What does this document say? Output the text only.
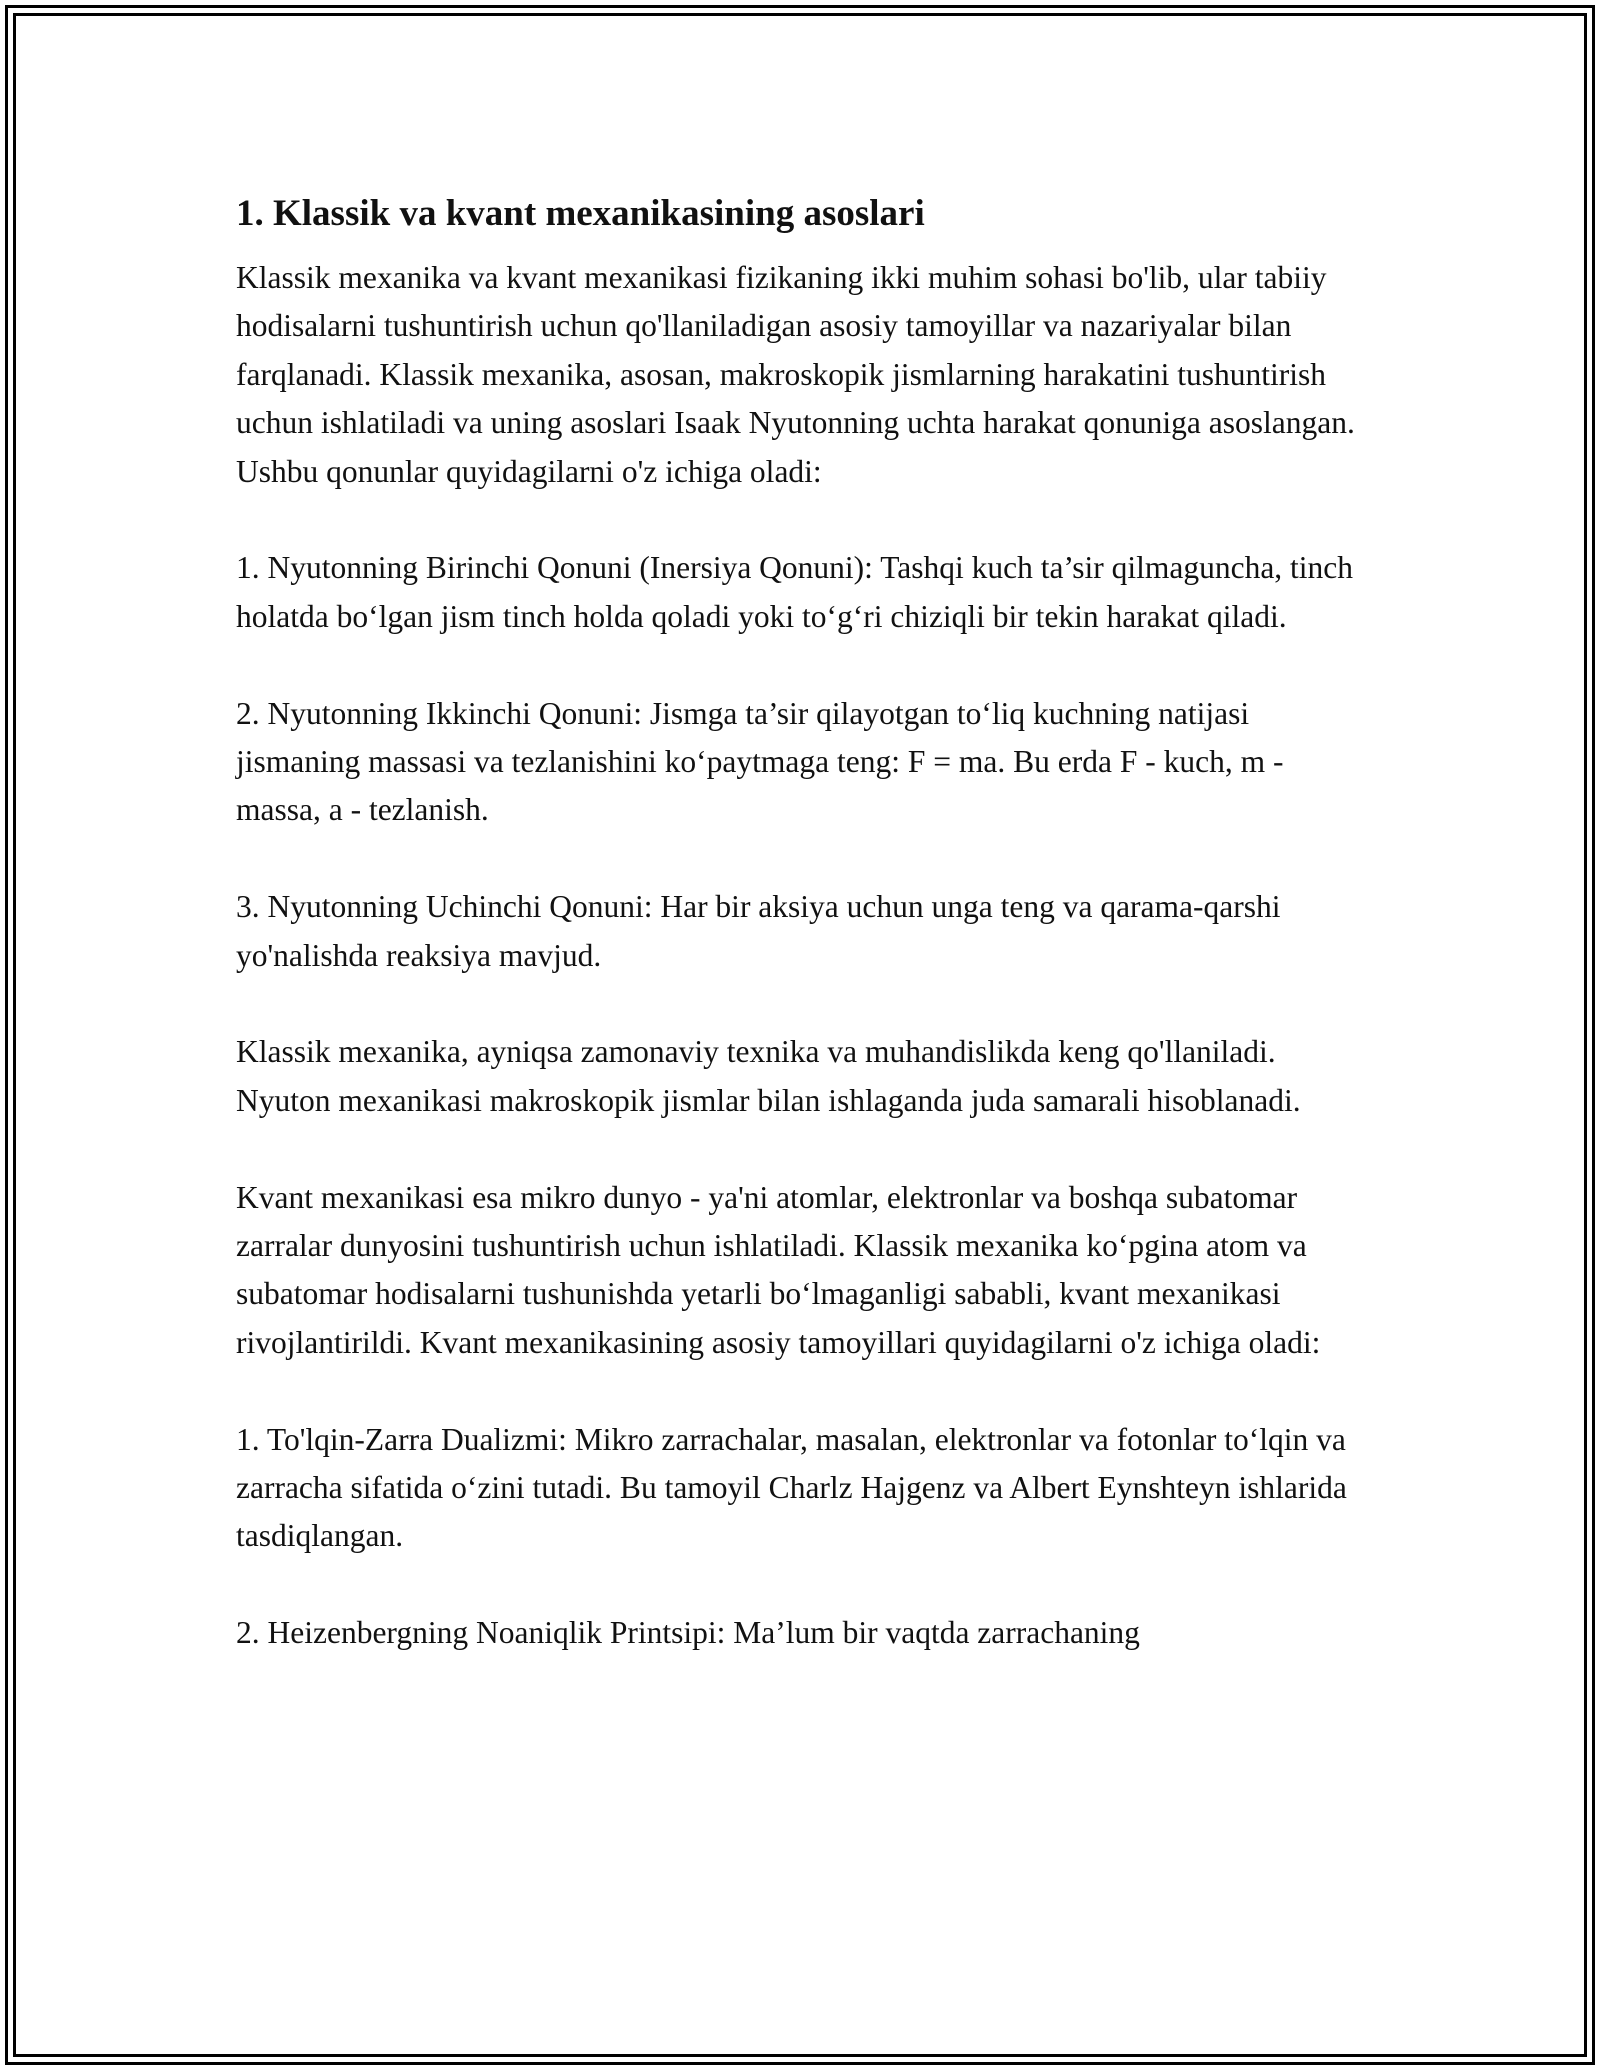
1. Klassik va kvant mexanikasining asoslari

Klassik mexanika va kvant mexanikasi fizikaning ikki muhim sohasi bo'lib, ular tabiiy hodisalarni tushuntirish uchun qo'llaniladigan asosiy tamoyillar va nazariyalar bilan farqlanadi. Klassik mexanika, asosan, makroskopik jismlarning harakatini tushuntirish uchun ishlatiladi va uning asoslari Isaak Nyutonning uchta harakat qonuniga asoslangan. Ushbu qonunlar quyidagilarni o'z ichiga oladi:

1. Nyutonning Birinchi Qonuni (Inersiya Qonuni): Tashqi kuch ta’sir qilmaguncha, tinch holatda bo‘lgan jism tinch holda qoladi yoki to‘g‘ri chiziqli bir tekin harakat qiladi.

2. Nyutonning Ikkinchi Qonuni: Jismga ta’sir qilayotgan to‘liq kuchning natijasi jismaning massasi va tezlanishini ko‘paytmaga teng: F = ma. Bu erda F - kuch, m - massa, a - tezlanish.

3. Nyutonning Uchinchi Qonuni: Har bir aksiya uchun unga teng va qarama-qarshi yo'nalishda reaksiya mavjud.

Klassik mexanika, ayniqsa zamonaviy texnika va muhandislikda keng qo'llaniladi. Nyuton mexanikasi makroskopik jismlar bilan ishlaganda juda samarali hisoblanadi.

Kvant mexanikasi esa mikro dunyo - ya'ni atomlar, elektronlar va boshqa subatomar zarralar dunyosini tushuntirish uchun ishlatiladi. Klassik mexanika ko‘pgina atom va subatomar hodisalarni tushunishda yetarli bo‘lmaganligi sababli, kvant mexanikasi rivojlantirildi. Kvant mexanikasining asosiy tamoyillari quyidagilarni o'z ichiga oladi:

1. To'lqin-Zarra Dualizmi: Mikro zarrachalar, masalan, elektronlar va fotonlar to‘lqin va zarracha sifatida o‘zini tutadi. Bu tamoyil Charlz Hajgenz va Albert Eynshteyn ishlarida tasdiqlangan.

2. Heizenbergning Noaniqlik Printsipi: Ma’lum bir vaqtda zarrachaning
